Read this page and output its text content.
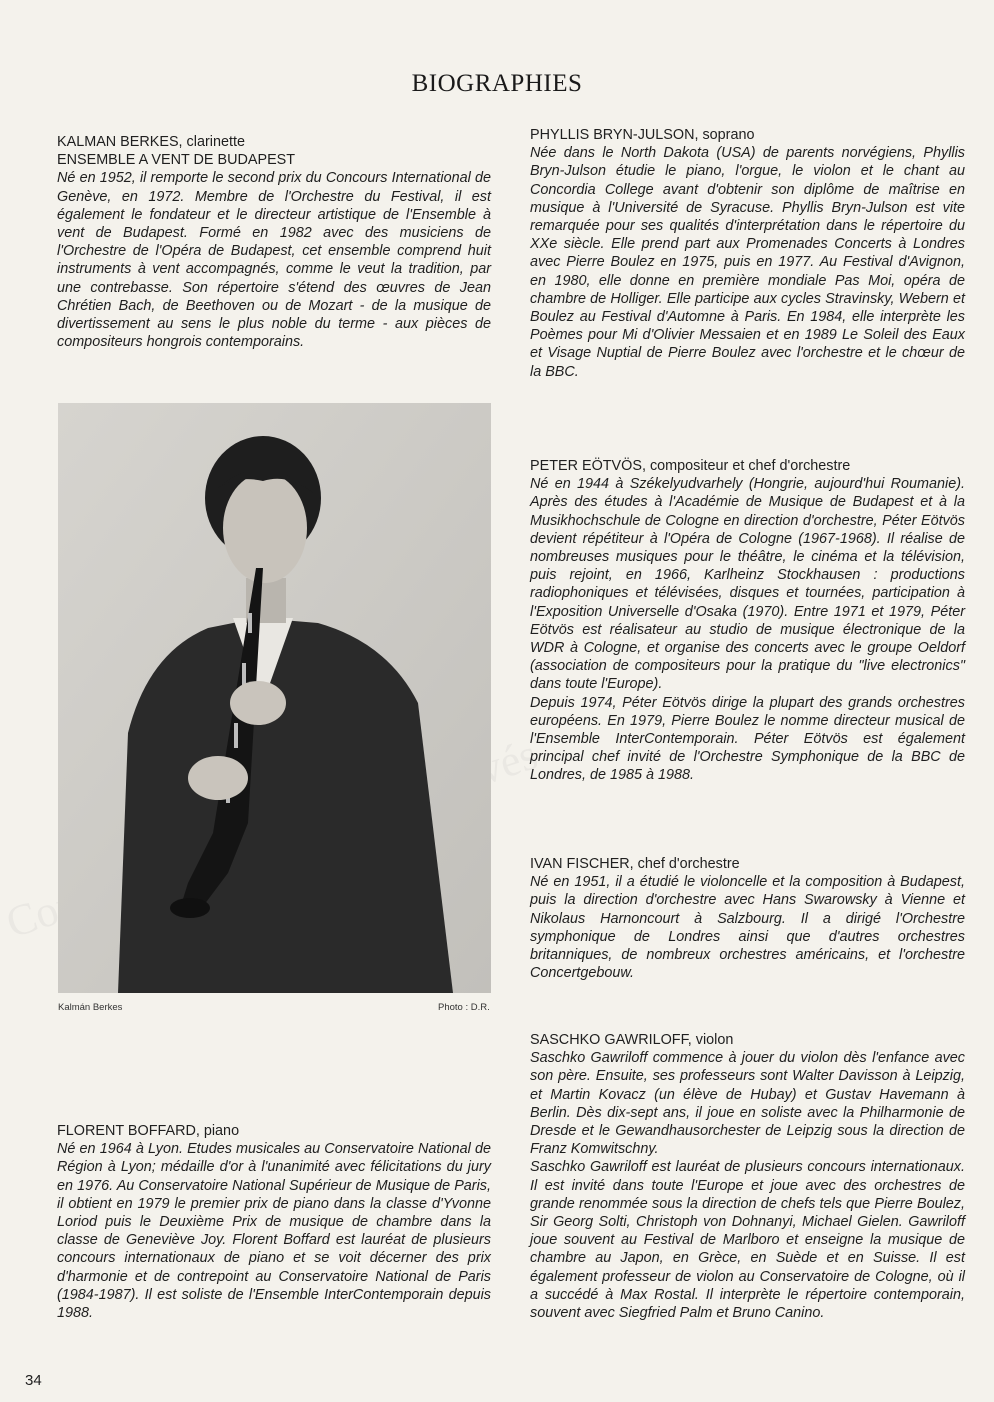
BIOGRAPHIES
KALMAN BERKES, clarinette
ENSEMBLE A VENT DE BUDAPEST

Né en 1952, il remporte le second prix du Concours International de Genève, en 1972. Membre de l'Orchestre du Festival, il est également le fondateur et le directeur artistique de l'Ensemble à vent de Budapest. Formé en 1982 avec des musiciens de l'Orchestre de l'Opéra de Budapest, cet ensemble comprend huit instruments à vent accompagnés, comme le veut la tradition, par une contrebasse. Son répertoire s'étend des œuvres de Jean Chrétien Bach, de Beethoven ou de Mozart - de la musique de divertissement au sens le plus noble du terme - aux pièces de compositeurs hongrois contemporains.

Kalmán Berkes	Photo : D.R.
FLORENT BOFFARD, piano

Né en 1964 à Lyon. Etudes musicales au Conservatoire National de Région à Lyon; médaille d'or à l'unanimité avec félicitations du jury en 1976. Au Conservatoire National Supérieur de Musique de Paris, il obtient en 1979 le premier prix de piano dans la classe d'Yvonne Loriod puis le Deuxième Prix de musique de chambre dans la classe de Geneviève Joy. Florent Boffard est lauréat de plusieurs concours internationaux de piano et se voit décerner des prix d'harmonie et de contrepoint au Conservatoire National de Paris (1984-1987). Il est soliste de l'Ensemble InterContemporain depuis 1988.

34
PHYLLIS BRYN-JULSON, soprano

Née dans le North Dakota (USA) de parents norvégiens, Phyllis Bryn-Julson étudie le piano, l'orgue, le violon et le chant au Concordia College avant d'obtenir son diplôme de maîtrise en musique à l'Université de Syracuse. Phyllis Bryn-Julson est vite remarquée pour ses qualités d'interprétation dans le répertoire du XXe siècle. Elle prend part aux Promenades Concerts à Londres avec Pierre Boulez en 1975, puis en 1977. Au Festival d'Avignon, en 1980, elle donne en première mondiale Pas Moi, opéra de chambre de Holliger. Elle participe aux cycles Stravinsky, Webern et Boulez au Festival d'Automne à Paris. En 1984, elle interprète les Poèmes pour Mi d'Olivier Messaien et en 1989 Le Soleil des Eaux et Visage Nuptial de Pierre Boulez avec l'orchestre et le chœur de la BBC.

PETER EÖTVÖS, compositeur et chef d'orchestre

Né en 1944 à Székelyudvarhely (Hongrie, aujourd'hui Roumanie). Après des études à l'Académie de Musique de Budapest et à la Musikhochschule de Cologne en direction d'orchestre, Péter Eötvös devient répétiteur à l'Opéra de Cologne (1967-1968). Il réalise de nombreuses musiques pour le théâtre, le cinéma et la télévision, puis rejoint, en 1966, Karlheinz Stockhausen : productions radiophoniques et télévisées, disques et tournées, participation à l'Exposition Universelle d'Osaka (1970). Entre 1971 et 1979, Péter Eötvös est réalisateur au studio de musique électronique de la WDR à Cologne, et organise des concerts avec le groupe Oeldorf (association de compositeurs pour la pratique du "live electronics" dans toute l'Europe).

Depuis 1974, Péter Eötvös dirige la plupart des grands orchestres européens. En 1979, Pierre Boulez le nomme directeur musical de l'Ensemble InterContemporain. Péter Eötvös est également principal chef invité de l'Orchestre Symphonique de la BBC de Londres, de 1985 à 1988.

IVAN FISCHER, chef d'orchestre

Né en 1951, il a étudié le violoncelle et la composition à Budapest, puis la direction d'orchestre avec Hans Swarowsky à Vienne et Nikolaus Harnoncourt à Salzbourg. Il a dirigé l'Orchestre symphonique de Londres ainsi que d'autres orchestres britanniques, de nombreux orchestres américains, et l'orchestre Concertgebouw.

SASCHKO GAWRILOFF, violon

Saschko Gawriloff commence à jouer du violon dès l'enfance avec son père. Ensuite, ses professeurs sont Walter Davisson à Leipzig, et Martin Kovacz (un élève de Hubay) et Gustav Havemann à Berlin. Dès dix-sept ans, il joue en soliste avec la Philharmonie de Dresde et le Gewandhausorchester de Leipzig sous la direction de Franz Komwitschny.

Saschko Gawriloff est lauréat de plusieurs concours internationaux. Il est invité dans toute l'Europe et joue avec des orchestres de grande renommée sous la direction de chefs tels que Pierre Boulez, Sir Georg Solti, Christoph von Dohnanyi, Michael Gielen. Gawriloff joue souvent au Festival de Marlboro et enseigne la musique de chambre au Japon, en Grèce, en Suède et en Suisse. Il est également professeur de violon au Conservatoire de Cologne, où il a succédé à Max Rostal. Il interprète le répertoire contemporain, souvent avec Siegfried Palm et Bruno Canino.
